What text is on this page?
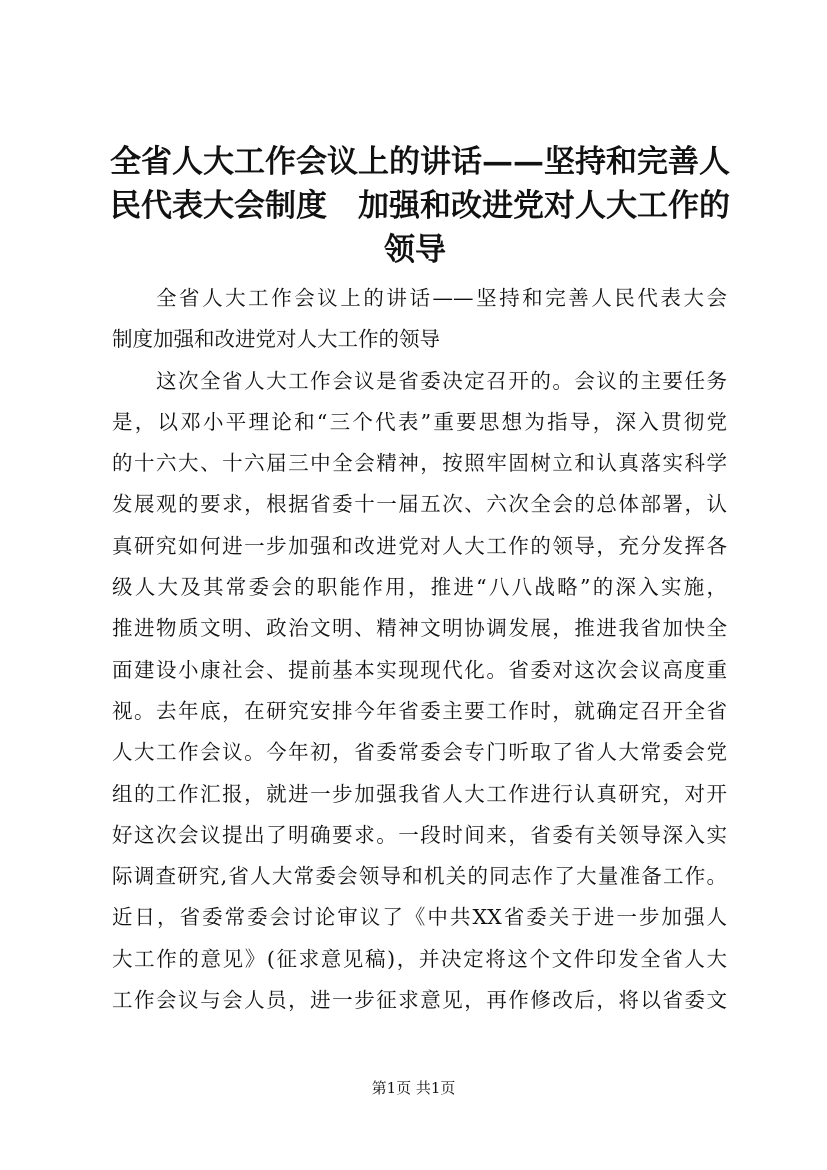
全省人大工作会议上的讲话——坚持和完善人
民代表大会制度　加强和改进党对人大工作的
领导
全省人大工作会议上的讲话——坚持和完善人民代表大会
制度加强和改进党对人大工作的领导
这次全省人大工作会议是省委决定召开的。会议的主要任务
是，以邓小平理论和“三个代表”重要思想为指导，深入贯彻党
的十六大、十六届三中全会精神，按照牢固树立和认真落实科学
发展观的要求，根据省委十一届五次、六次全会的总体部署，认
真研究如何进一步加强和改进党对人大工作的领导，充分发挥各
级人大及其常委会的职能作用，推进“八八战略”的深入实施，
推进物质文明、政治文明、精神文明协调发展，推进我省加快全
面建设小康社会、提前基本实现现代化。省委对这次会议高度重
视。去年底，在研究安排今年省委主要工作时，就确定召开全省
人大工作会议。今年初，省委常委会专门听取了省人大常委会党
组的工作汇报，就进一步加强我省人大工作进行认真研究，对开
好这次会议提出了明确要求。一段时间来，省委有关领导深入实
际调查研究,省人大常委会领导和机关的同志作了大量准备工作。
近日，省委常委会讨论审议了《中共XX省委关于进一步加强人
大工作的意见》(征求意见稿)，并决定将这个文件印发全省人大
工作会议与会人员，进一步征求意见，再作修改后，将以省委文
第1页 共1页
